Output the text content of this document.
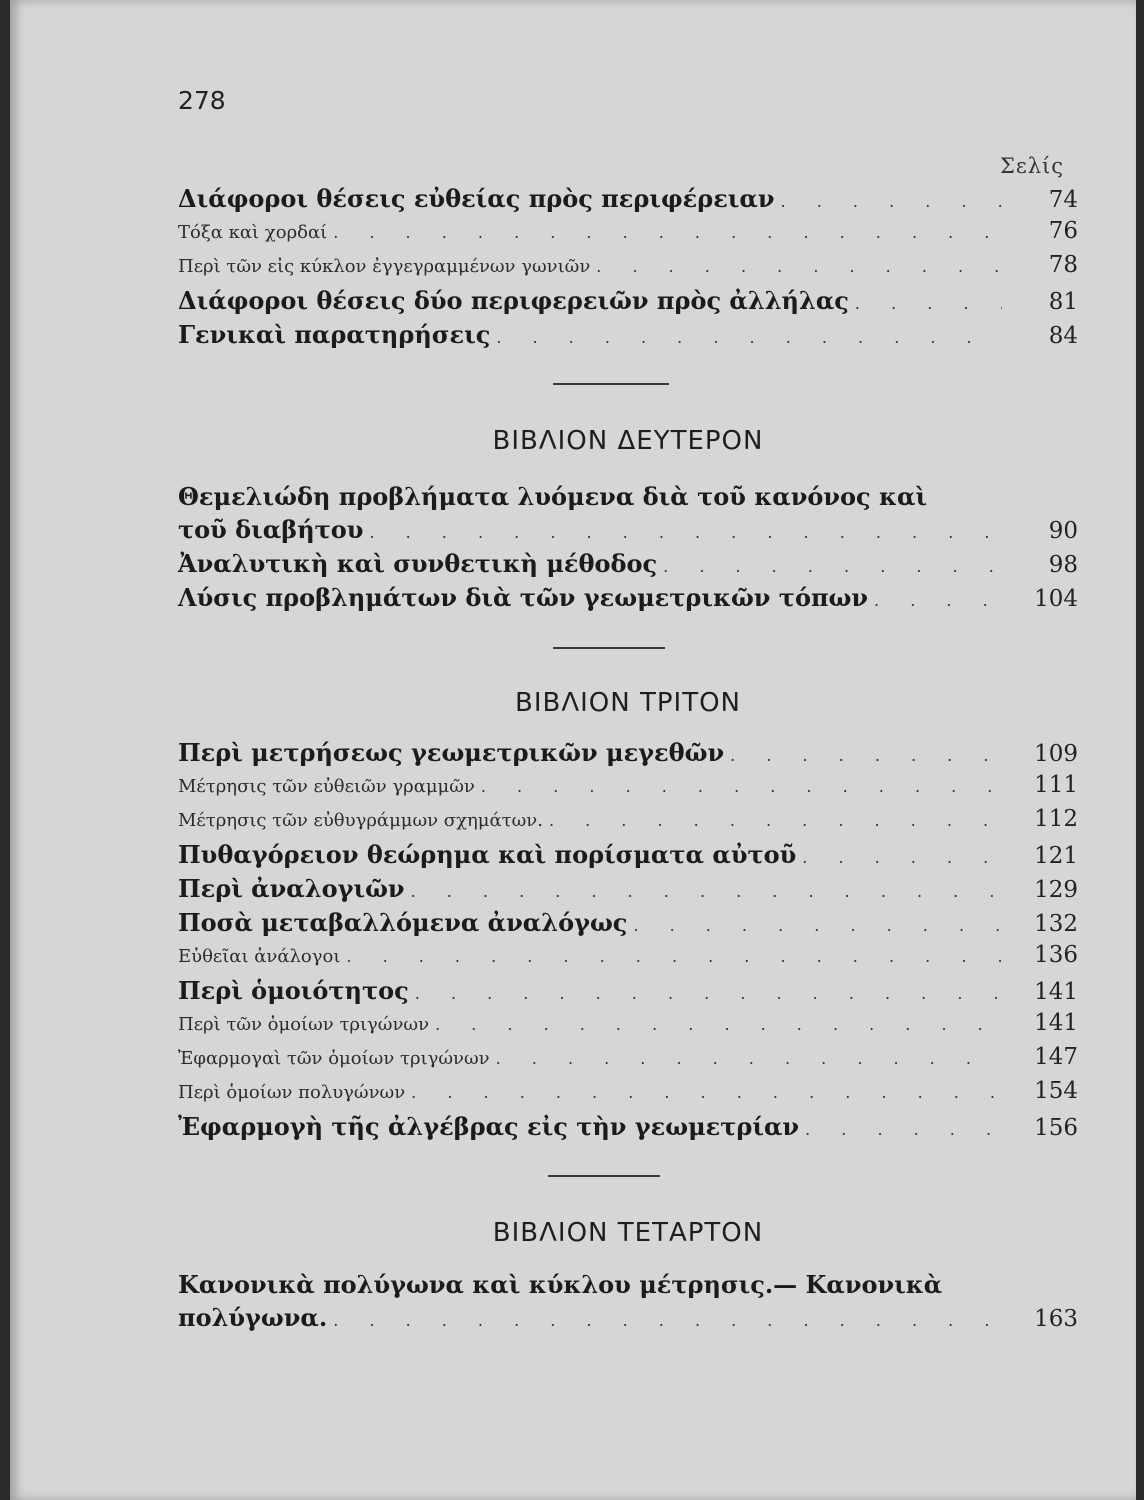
278
Σελίς
Διάφοροι θέσεις εὐθείας πρὸς περιφέρειαν . . .	74
Τόξα καὶ χορδαί . . .	76
Περὶ τῶν εἰς κύκλον ἐγγεγραμμένων γωνιῶν . . .	78
Διάφοροι θέσεις δύο περιφερειῶν πρὸς ἀλλήλας . . .	81
Γενικαὶ παρατηρήσεις . . .	84
ΒΙΒΛΙΟΝ ΔΕΥΤΕΡΟΝ
Θεμελιώδη προβλήματα λυόμενα διὰ τοῦ κανόνος καὶ
τοῦ διαβήτου . . .	90
Ἀναλυτικὴ καὶ συνθετικὴ μέθοδος . . .	98
Λύσις προβλημάτων διὰ τῶν γεωμετρικῶν τόπων . . .	104
ΒΙΒΛΙΟΝ ΤΡΙΤΟΝ
Περὶ μετρήσεως γεωμετρικῶν μεγεθῶν . . .	109
Μέτρησις τῶν εὐθειῶν γραμμῶν . . .	111
Μέτρησις τῶν εὐθυγράμμων σχημάτων. . . .	112
Πυθαγόρειον θεώρημα καὶ πορίσματα αὐτοῦ . . .	121
Περὶ ἀναλογιῶν . . .	129
Ποσὰ μεταβαλλόμενα ἀναλόγως . . .	132
Εὐθεῖαι ἀνάλογοι . . .	136
Περὶ ὁμοιότητος . . .	141
Περὶ τῶν ὁμοίων τριγώνων . . .	141
Ἐφαρμογαὶ τῶν ὁμοίων τριγώνων . . .	147
Περὶ ὁμοίων πολυγώνων . . .	154
Ἐφαρμογὴ τῆς ἀλγέβρας εἰς τὴν γεωμετρίαν . . .	156
ΒΙΒΛΙΟΝ ΤΕΤΑΡΤΟΝ
Κανονικὰ πολύγωνα καὶ κύκλου μέτρησις.— Κανονικὰ
πολύγωνα. . . .	163
